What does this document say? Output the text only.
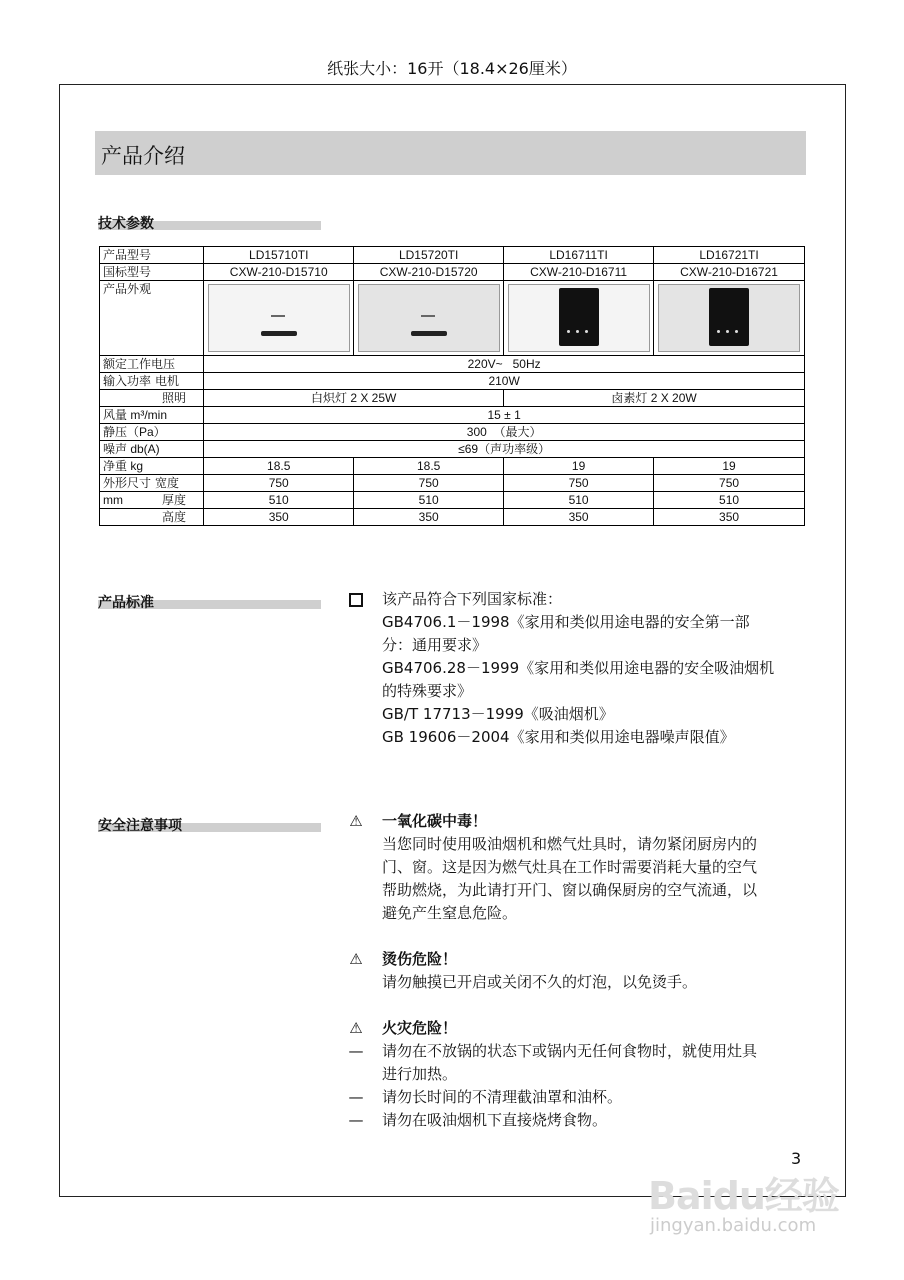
纸张大小：16开（18.4×26厘米）
产品介绍
技术参数
产品型号	LD15710TI	LD15720TI	LD16711TI	LD16721TI
国标型号	CXW-210-D15710	CXW-210-D15720	CXW-210-D16711	CXW-210-D16721
产品外观	

额定工作电压	220V~   50Hz			
输入功率 电机	210W			
照明	白炽灯 2 X 25W		卤素灯 2 X 20W	
风量 m³/min	15 ± 1			
静压（Pa）	300  （最大）			
噪声 db(A)	≤69（声功率级）			
净重 kg	18.5	18.5	19	19
外形尺寸 宽度	750	750	750	750
mm 厚度	510	510	510	510
高度	350	350	350	350
产品标准	该产品符合下列国家标准：
GB4706.1－1998《家用和类似用途电器的安全第一部
分：通用要求》
GB4706.28－1999《家用和类似用途电器的安全吸油烟机
的特殊要求》
GB/T 17713－1999《吸油烟机》
GB 19606－2004《家用和类似用途电器噪声限值》
安全注意事项	⚠ 一氧化碳中毒！
当您同时使用吸油烟机和燃气灶具时，请勿紧闭厨房内的
门、窗。这是因为燃气灶具在工作时需要消耗大量的空气
帮助燃烧，为此请打开门、窗以确保厨房的空气流通，以
避免产生窒息危险。
⚠ 烫伤危险！
请勿触摸已开启或关闭不久的灯泡，以免烫手。
⚠ 火灾危险！
— 请勿在不放锅的状态下或锅内无任何食物时，就使用灶具
进行加热。
— 请勿长时间的不清理截油罩和油杯。
— 请勿在吸油烟机下直接烧烤食物。
3
Baidu经验
jingyan.baidu.com
